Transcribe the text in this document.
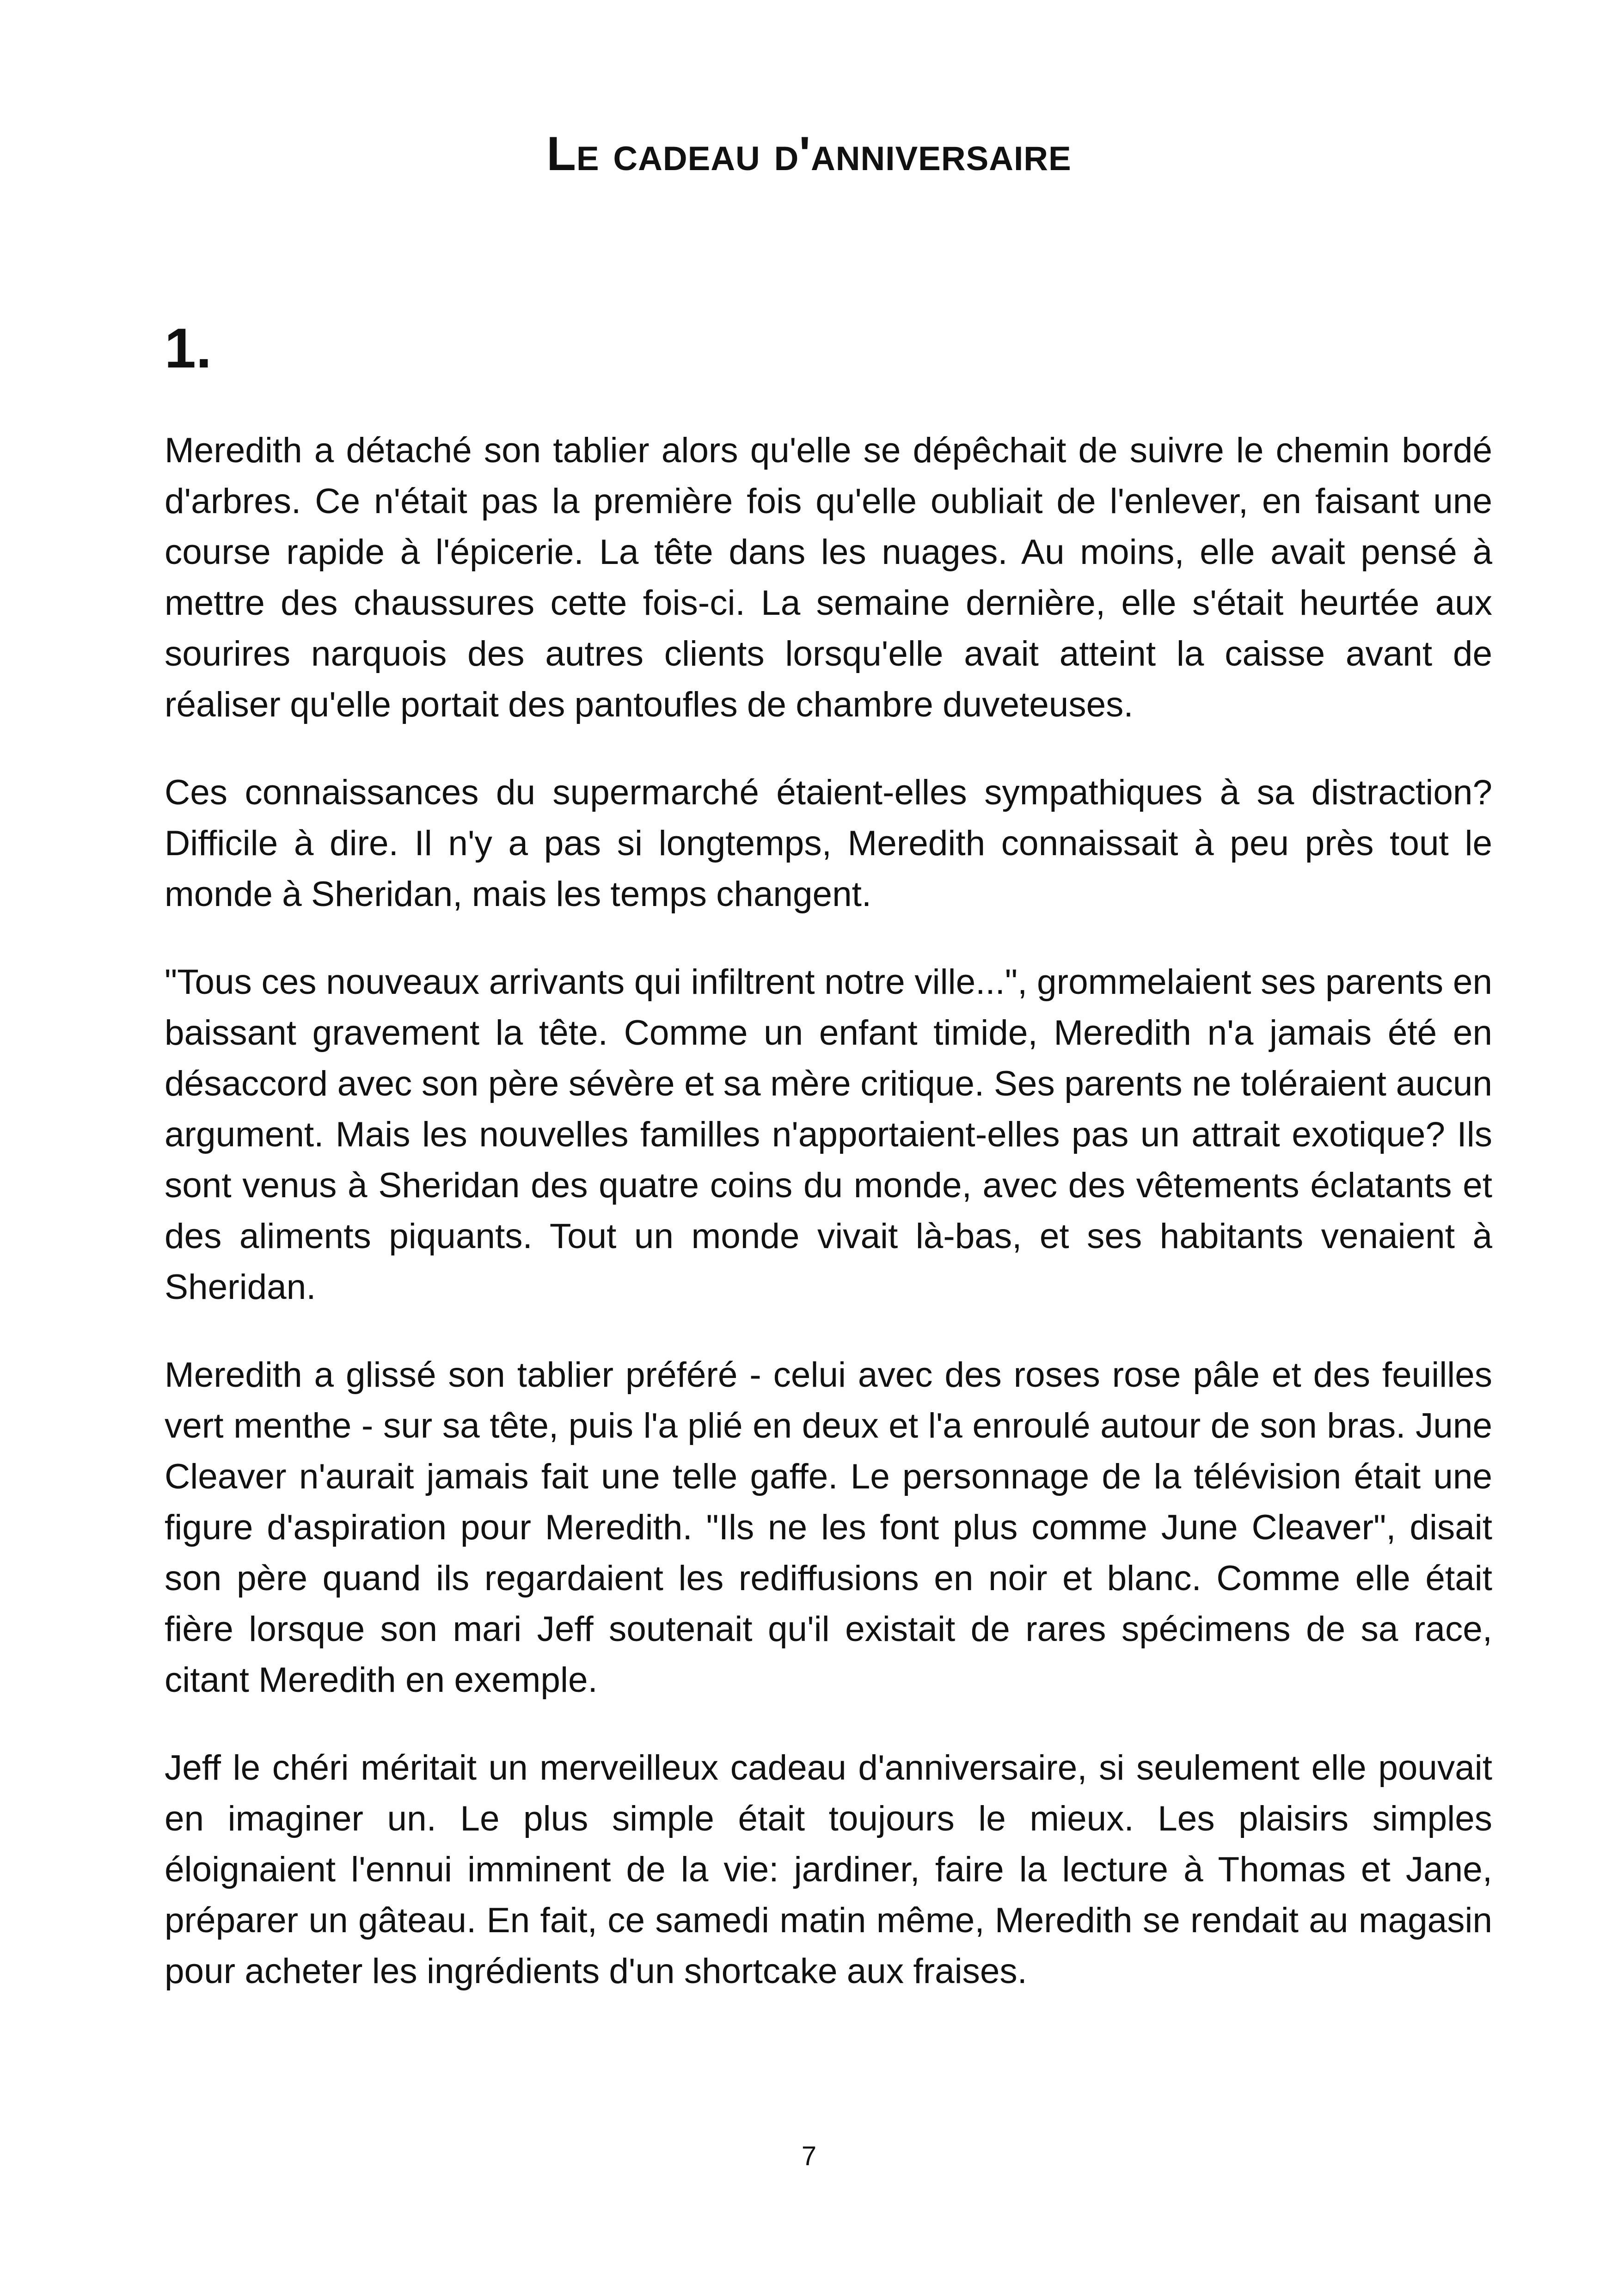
Le cadeau d'anniversaire
1.

Meredith a détaché son tablier alors qu'elle se dépêchait de suivre le chemin bordé d'arbres. Ce n'était pas la première fois qu'elle oubliait de l'enlever, en faisant une course rapide à l'épicerie. La tête dans les nuages. Au moins, elle avait pensé à mettre des chaussures cette fois-ci. La semaine dernière, elle s'était heurtée aux sourires narquois des autres clients lorsqu'elle avait atteint la caisse avant de réaliser qu'elle portait des pantoufles de chambre duveteuses.

Ces connaissances du supermarché étaient-elles sympathiques à sa distraction? Difficile à dire. Il n'y a pas si longtemps, Meredith connaissait à peu près tout le monde à Sheridan, mais les temps changent.

"Tous ces nouveaux arrivants qui infiltrent notre ville...", grommelaient ses parents en baissant gravement la tête. Comme un enfant timide, Meredith n'a jamais été en désaccord avec son père sévère et sa mère critique. Ses parents ne toléraient aucun argument. Mais les nouvelles familles n'apportaient-elles pas un attrait exotique? Ils sont venus à Sheridan des quatre coins du monde, avec des vêtements éclatants et des aliments piquants. Tout un monde vivait là-bas, et ses habitants venaient à Sheridan.

Meredith a glissé son tablier préféré - celui avec des roses rose pâle et des feuilles vert menthe - sur sa tête, puis l'a plié en deux et l'a enroulé autour de son bras. June Cleaver n'aurait jamais fait une telle gaffe. Le personnage de la télévision était une figure d'aspiration pour Meredith. "Ils ne les font plus comme June Cleaver", disait son père quand ils regardaient les rediffusions en noir et blanc. Comme elle était fière lorsque son mari Jeff soutenait qu'il existait de rares spécimens de sa race, citant Meredith en exemple.

Jeff le chéri méritait un merveilleux cadeau d'anniversaire, si seulement elle pouvait en imaginer un. Le plus simple était toujours le mieux. Les plaisirs simples éloignaient l'ennui imminent de la vie: jardiner, faire la lecture à Thomas et Jane, préparer un gâteau. En fait, ce samedi matin même, Meredith se rendait au magasin pour acheter les ingrédients d'un shortcake aux fraises.

7
